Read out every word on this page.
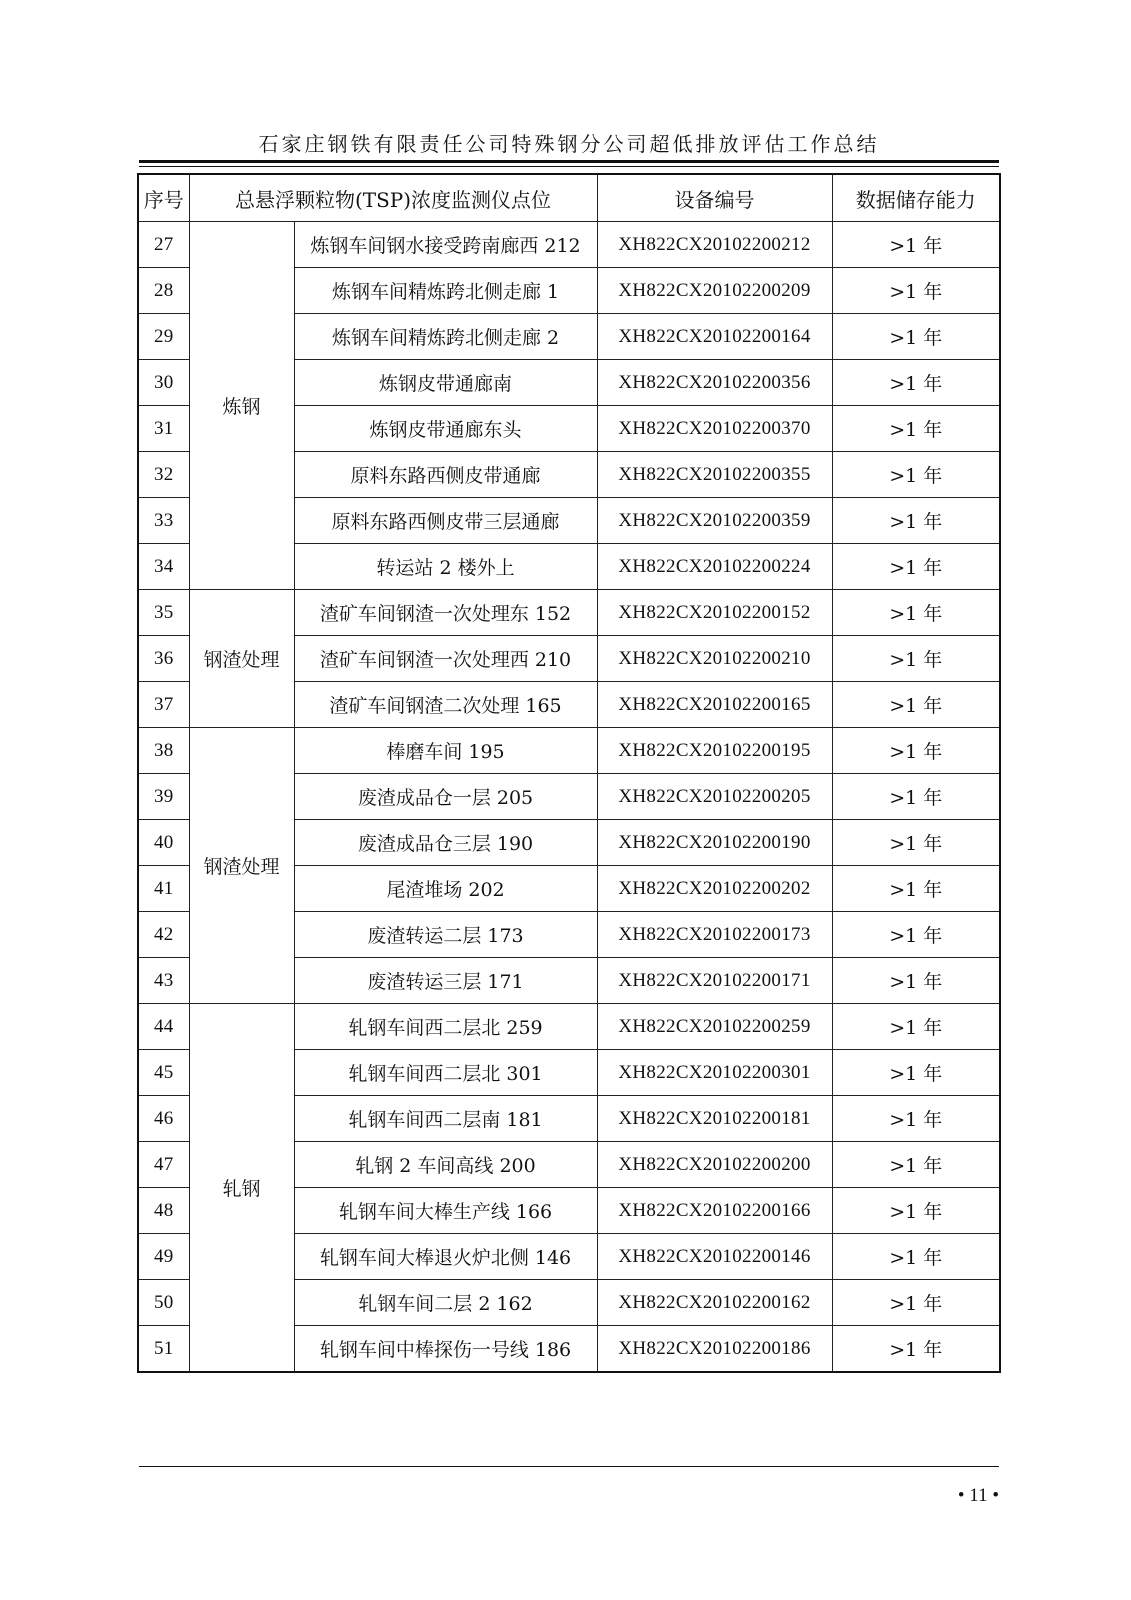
石家庄钢铁有限责任公司特殊钢分公司超低排放评估工作总结
序号	总悬浮颗粒物(TSP)浓度监测仪点位		设备编号	数据储存能力
27	炼钢	炼钢车间钢水接受跨南廊西 212	XH822CX20102200212	>1 年
28		炼钢车间精炼跨北侧走廊 1	XH822CX20102200209	>1 年
29		炼钢车间精炼跨北侧走廊 2	XH822CX20102200164	>1 年
30		炼钢皮带通廊南	XH822CX20102200356	>1 年
31		炼钢皮带通廊东头	XH822CX20102200370	>1 年
32		原料东路西侧皮带通廊	XH822CX20102200355	>1 年
33		原料东路西侧皮带三层通廊	XH822CX20102200359	>1 年
34		转运站 2 楼外上	XH822CX20102200224	>1 年
35	钢渣处理	渣矿车间钢渣一次处理东 152	XH822CX20102200152	>1 年
36		渣矿车间钢渣一次处理西 210	XH822CX20102200210	>1 年
37		渣矿车间钢渣二次处理 165	XH822CX20102200165	>1 年
38	钢渣处理	棒磨车间 195	XH822CX20102200195	>1 年
39		废渣成品仓一层 205	XH822CX20102200205	>1 年
40		废渣成品仓三层 190	XH822CX20102200190	>1 年
41		尾渣堆场 202	XH822CX20102200202	>1 年
42		废渣转运二层 173	XH822CX20102200173	>1 年
43		废渣转运三层 171	XH822CX20102200171	>1 年
44	轧钢	轧钢车间西二层北 259	XH822CX20102200259	>1 年
45		轧钢车间西二层北 301	XH822CX20102200301	>1 年
46		轧钢车间西二层南 181	XH822CX20102200181	>1 年
47		轧钢 2 车间高线 200	XH822CX20102200200	>1 年
48		轧钢车间大棒生产线 166	XH822CX20102200166	>1 年
49		轧钢车间大棒退火炉北侧 146	XH822CX20102200146	>1 年
50		轧钢车间二层 2 162	XH822CX20102200162	>1 年
51		轧钢车间中棒探伤一号线 186	XH822CX20102200186	>1 年
• 11 •
